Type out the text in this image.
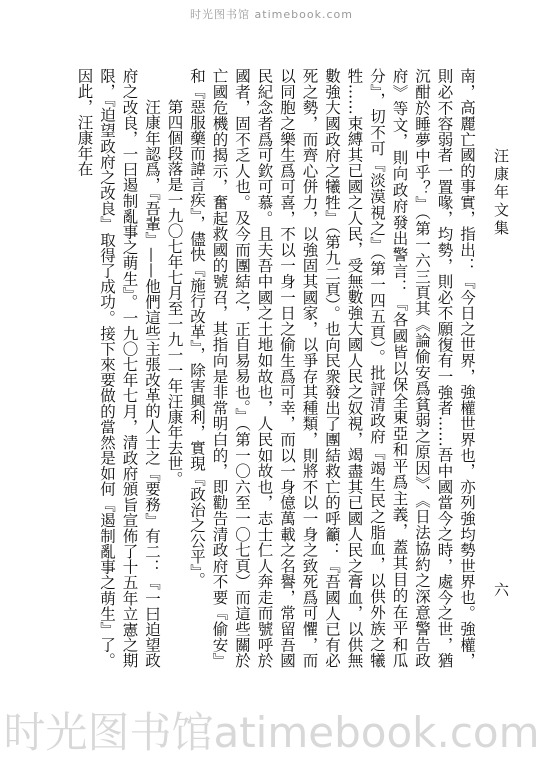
时光图书馆 atimebook.com
汪康年文集
六

南，高麗亡國的事實，指出：『今日之世界，強權世界也，亦列強均勢世界也。強權，則必不容弱者一置喙，均勢，則必不願復有一強者……吾中國當今之時，處今之世，猶沉酣於睡夢中乎？』（第一六三頁其《論偷安爲貧弱之原因》、《日法協約之深意警告政府》等文，則向政府發出警言：『各國皆以保全東亞和平爲主義，蓋其目的在平和瓜分』，切不可『淡漠視之』（第一四五頁）。批評清政府『竭生民之脂血，以供外族之犧牲……束縛其已國之人民，受無數強大國人民之奴視，竭盡其已國人民之膏血，以供無數強大國政府之犧牲』（第九二頁）。也向民衆發出了團結救亡的呼籲：『吾國人已有必死之勢，而齊心併力，以強固其國家，以爭存其種類，則將不以一身之致死爲可懼，而以同胞之樂生爲可喜，不以一身一日之偷生爲可幸，而以一身億萬載之名譽，常留吾國民紀念者爲可欽可慕。且夫吾中國之土地如故也，人民如故也，志士仁人奔走而號呼於國者，固不乏人也。及今而團結之，正自易易也。』（第一〇六至一〇七頁）而這些關於亡國危機的揭示，奮起救國的號召，其指向是非常明白的，即勸告清政府不要『偷安』和『惡服藥而諱言疾』，儘快『施行改革』，除害興利，實現『政治之公平』。

第四個段落是一九〇七年七月至一九一一年汪康年去世。

汪康年認爲，『吾輩』——他們這些主張改革的人士之『要務』有二：『一曰迫望政府之改良，一曰遏制亂事之萌生』。一九〇七年七月，清政府頒旨宣佈了十五年立憲之期限，『迫望政府之改良』取得了成功。接下來要做的當然是如何『遏制亂事之萌生』了。因此，汪康年在

时光图书馆atimebook.com
